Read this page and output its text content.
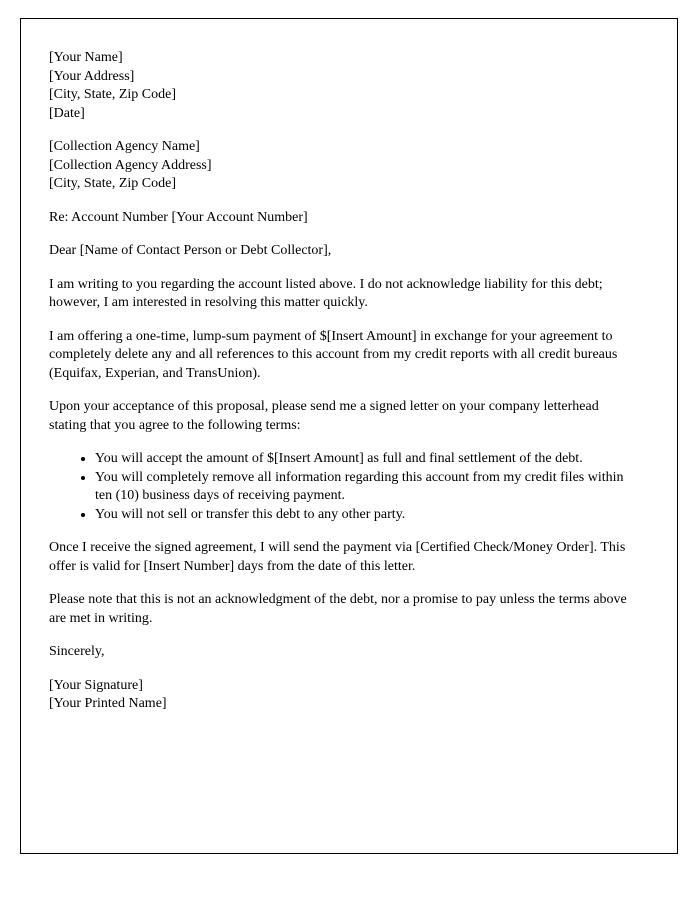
[Your Name]
[Your Address]
[City, State, Zip Code]
[Date]
[Collection Agency Name]
[Collection Agency Address]
[City, State, Zip Code]

Re: Account Number [Your Account Number]

Dear [Name of Contact Person or Debt Collector],

I am writing to you regarding the account listed above. I do not acknowledge liability for this debt; however, I am interested in resolving this matter quickly.

I am offering a one-time, lump-sum payment of $[Insert Amount] in exchange for your agreement to completely delete any and all references to this account from my credit reports with all credit bureaus (Equifax, Experian, and TransUnion).

Upon your acceptance of this proposal, please send me a signed letter on your company letterhead stating that you agree to the following terms:

• You will accept the amount of $[Insert Amount] as full and final settlement of the debt.
• You will completely remove all information regarding this account from my credit files within ten (10) business days of receiving payment.
• You will not sell or transfer this debt to any other party.

Once I receive the signed agreement, I will send the payment via [Certified Check/Money Order]. This offer is valid for [Insert Number] days from the date of this letter.

Please note that this is not an acknowledgment of the debt, nor a promise to pay unless the terms above are met in writing.

Sincerely,

[Your Signature]
[Your Printed Name]
